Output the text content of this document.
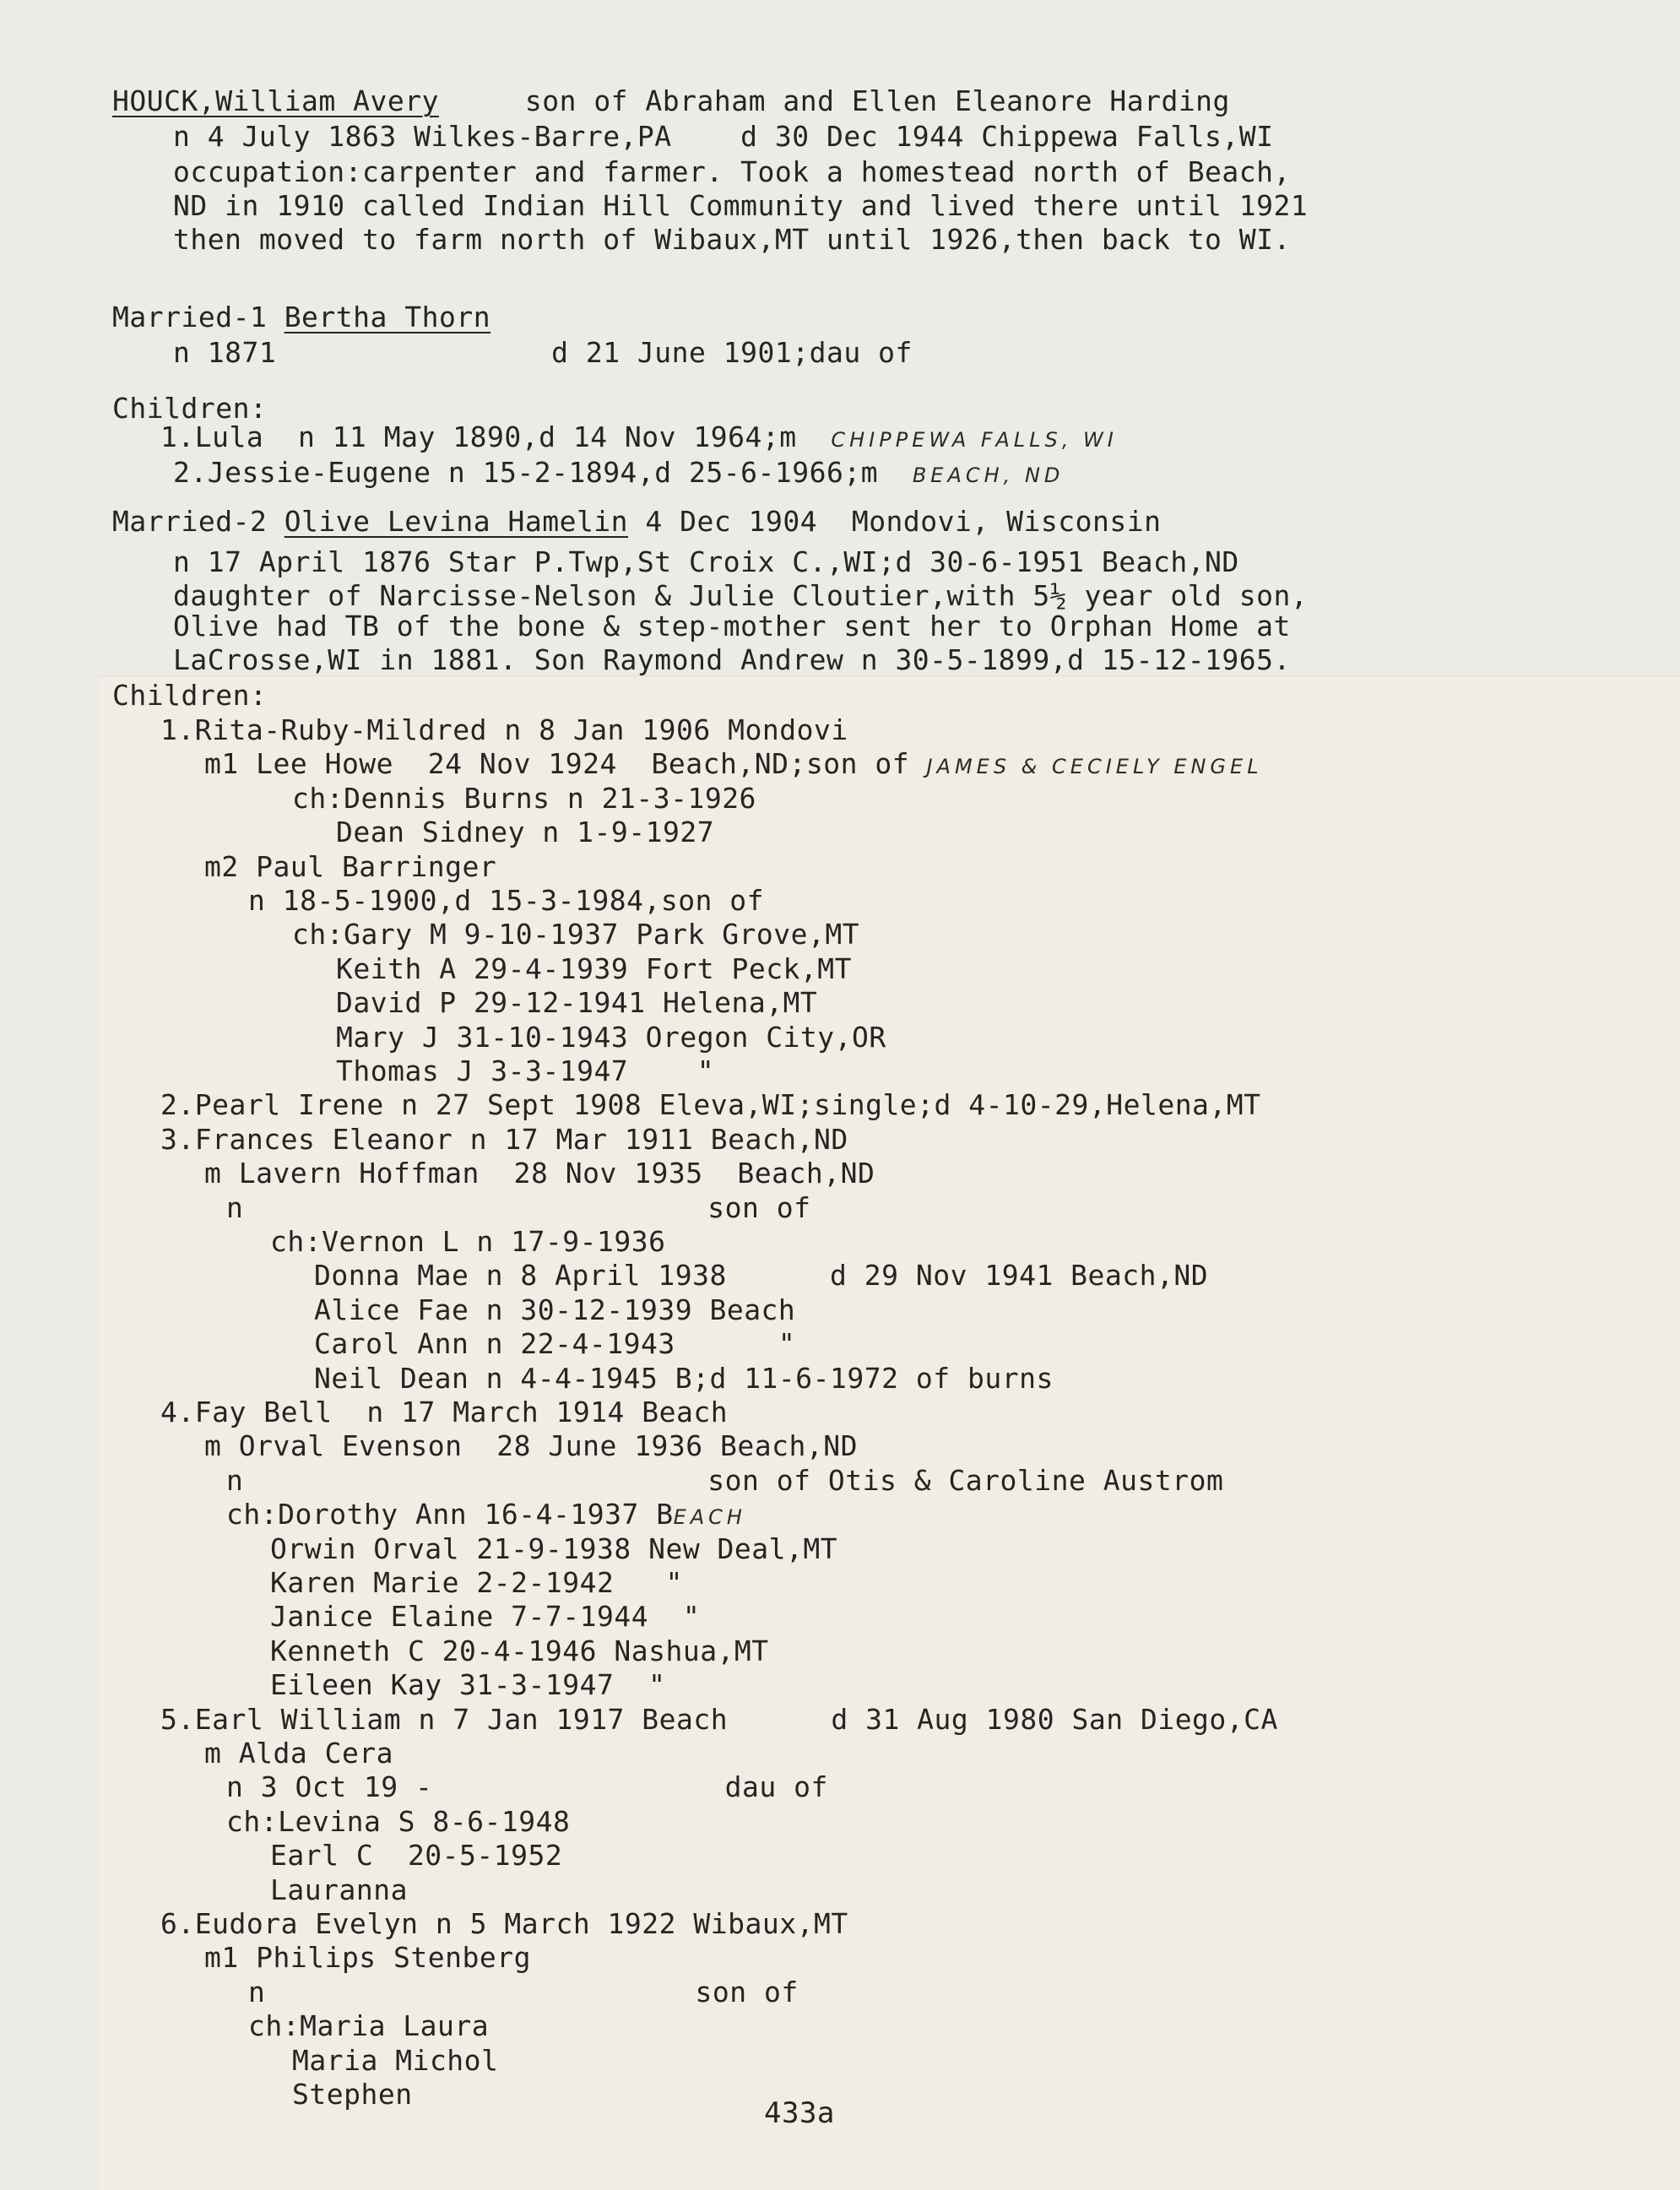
HOUCK,William Avery	son of Abraham and Ellen Eleanore Harding
n 4 July 1863 Wilkes-Barre,PA    d 30 Dec 1944 Chippewa Falls,WI
occupation:carpenter and farmer. Took a homestead north of Beach,
ND in 1910 called Indian Hill Community and lived there until 1921
then moved to farm north of Wibaux,MT until 1926,then back to WI.
Married-1 Bertha Thorn
n 1871                d 21 June 1901;dau of
Children:
1.Lula  n 11 May 1890,d 14 Nov 1964;m CHIPPEWA FALLS, WI
2.Jessie-Eugene n 15-2-1894,d 25-6-1966;m BEACH, ND
Married-2 Olive Levina Hamelin 4 Dec 1904  Mondovi, Wisconsin
n 17 April 1876 Star P.Twp,St Croix C.,WI;d 30-6-1951 Beach,ND
daughter of Narcisse-Nelson & Julie Cloutier,with 5½ year old son,
Olive had TB of the bone & step-mother sent her to Orphan Home at
LaCrosse,WI in 1881. Son Raymond Andrew n 30-5-1899,d 15-12-1965.
Children:
1.Rita-Ruby-Mildred n 8 Jan 1906 Mondovi
m1 Lee Howe  24 Nov 1924  Beach,ND;son of JAMES & CECIELY ENGEL
ch:Dennis Burns n 21-3-1926
Dean Sidney n 1-9-1927
m2 Paul Barringer
n 18-5-1900,d 15-3-1984,son of
ch:Gary M 9-10-1937 Park Grove,MT
Keith A 29-4-1939 Fort Peck,MT
David P 29-12-1941 Helena,MT
Mary J 31-10-1943 Oregon City,OR
Thomas J 3-3-1947    "
2.Pearl Irene n 27 Sept 1908 Eleva,WI;single;d 4-10-29,Helena,MT
3.Frances Eleanor n 17 Mar 1911 Beach,ND
m Lavern Hoffman  28 Nov 1935  Beach,ND
n                           son of
ch:Vernon L n 17-9-1936
Donna Mae n 8 April 1938      d 29 Nov 1941 Beach,ND
Alice Fae n 30-12-1939 Beach
Carol Ann n 22-4-1943      "
Neil Dean n 4-4-1945 B;d 11-6-1972 of burns
4.Fay Bell  n 17 March 1914 Beach
m Orval Evenson  28 June 1936 Beach,ND
n                           son of Otis & Caroline Austrom
ch:Dorothy Ann 16-4-1937 BEACH
Orwin Orval 21-9-1938 New Deal,MT
Karen Marie 2-2-1942   "
Janice Elaine 7-7-1944  "
Kenneth C 20-4-1946 Nashua,MT
Eileen Kay 31-3-1947  "
5.Earl William n 7 Jan 1917 Beach      d 31 Aug 1980 San Diego,CA
m Alda Cera
n 3 Oct 19 -                 dau of
ch:Levina S 8-6-1948
Earl C  20-5-1952
Lauranna
6.Eudora Evelyn n 5 March 1922 Wibaux,MT
m1 Philips Stenberg
n                         son of
ch:Maria Laura
Maria Michol
Stephen
433a
